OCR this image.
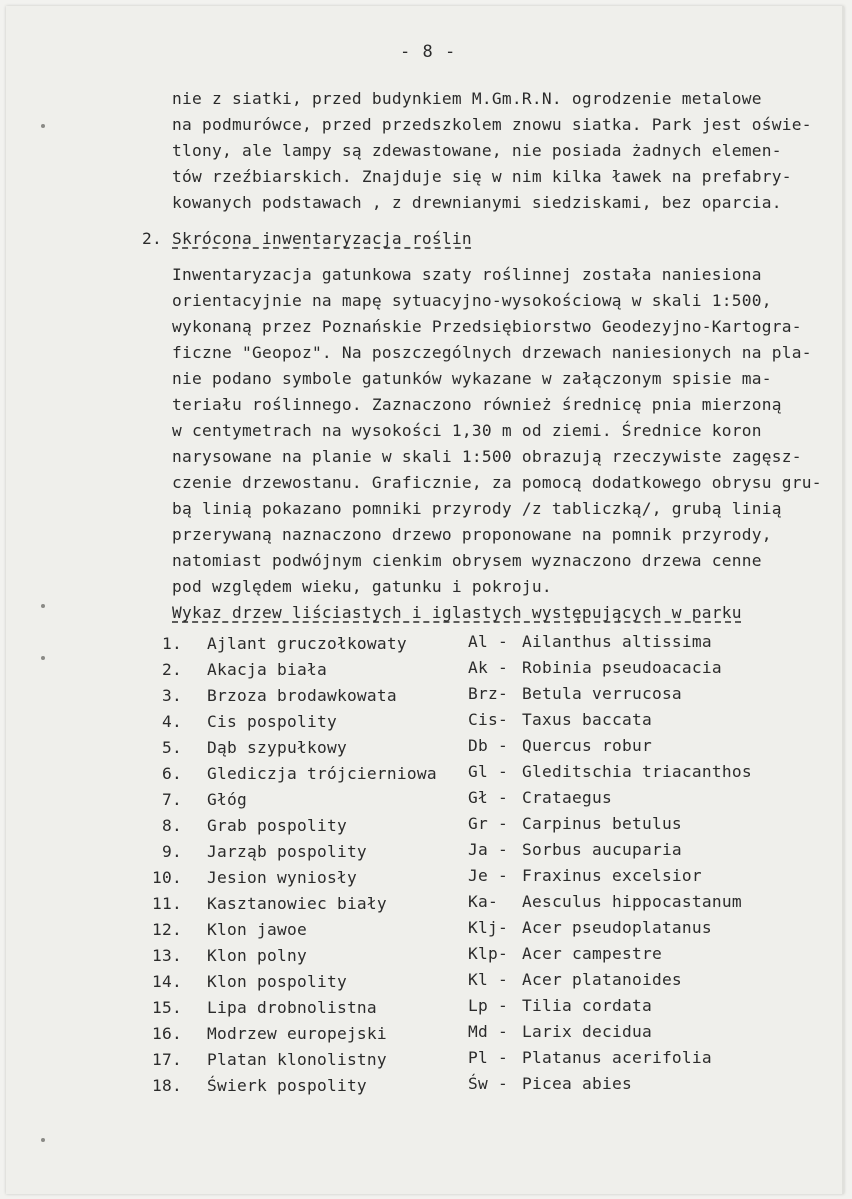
- 8 -
nie z siatki, przed budynkiem M.Gm.R.N. ogrodzenie metalowe
na podmurówce, przed przedszkolem znowu siatka. Park jest oświe-
tlony, ale lampy są zdewastowane, nie posiada żadnych elemen-
tów rzeźbiarskich. Znajduje się w nim kilka ławek na prefabry-
kowanych podstawach , z drewnianymi siedziskami, bez oparcia.
2. Skrócona inwentaryzacja roślin
Inwentaryzacja gatunkowa szaty roślinnej została naniesiona
orientacyjnie na mapę sytuacyjno-wysokościową w skali 1:500,
wykonaną przez Poznańskie Przedsiębiorstwo Geodezyjno-Kartogra-
ficzne "Geopoz". Na poszczególnych drzewach naniesionych na pla-
nie podano symbole gatunków wykazane w załączonym spisie ma-
teriału roślinnego. Zaznaczono również średnicę pnia mierzoną
w centymetrach na wysokości 1,30 m od ziemi. Średnice koron
narysowane na planie w skali 1:500 obrazują rzeczywiste zagęsz-
czenie drzewostanu. Graficznie, za pomocą dodatkowego obrysu gru-
bą linią pokazano pomniki przyrody /z tabliczką/, grubą linią
przerywaną naznaczono drzewo proponowane na pomnik przyrody,
natomiast podwójnym cienkim obrysem wyznaczono drzewa cenne
pod względem wieku, gatunku i pokroju.
Wykaz drzew liściastych i iglastych występujących w parku
1. Ajlant gruczołkowaty	Al - Ailanthus altissima
2. Akacja biała	Ak - Robinia pseudoacacia
3. Brzoza brodawkowata	Brz- Betula verrucosa
4. Cis pospolity	Cis- Taxus baccata
5. Dąb szypułkowy	Db - Quercus robur
6. Glediczja trójcierniowa Gl - Gleditschia triacanthos
7. Głóg	Gł - Crataegus
8. Grab pospolity	Gr - Carpinus betulus
9. Jarząb pospolity	Ja - Sorbus aucuparia
10. Jesion wyniosły	Je - Fraxinus excelsior
11. Kasztanowiec biały	Ka- Aesculus hippocastanum
12. Klon jawoe	Klj- Acer pseudoplatanus
13. Klon polny	Klp- Acer campestre
14. Klon pospolity	Kl - Acer platanoides
15. Lipa drobnolistna	Lp - Tilia cordata
16. Modrzew europejski	Md - Larix decidua
17. Platan klonolistny	Pl - Platanus acerifolia
18. Świerk pospolity	Św - Picea abies
